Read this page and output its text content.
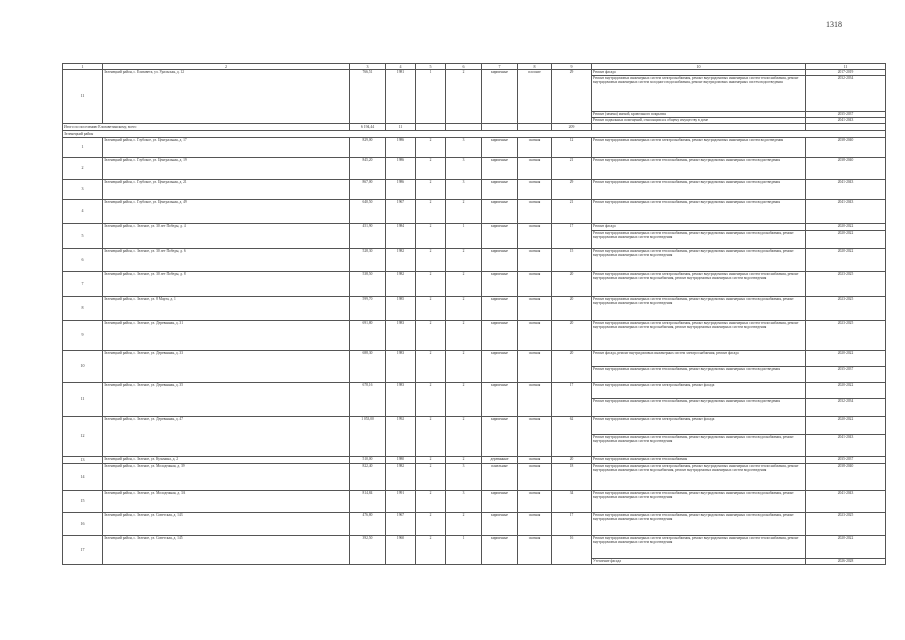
1318
1	2	3	4	5	6	7	8	9	10	11
11	Зеленецкий район, с. Елизавета, ул. Уральская, д. 12	766,51	1981	1	2	кирпичные	плоские	29	Ремонт фасада	2017-2019
									Ремонт внутридомовых инженерных систем электроснабжения, ремонт внутридомовых инженерных систем теплоснабжения, ремонт внутридомовых инженерных систем холодного водоснабжения, ремонт внутридомовых инженерных систем водоотведения	2032-2034
									Ремонт (замена) мягкой, кровельного покрытия	2035-2037
									Ремонт подвальных помещений, относящихся к общему имуществу в доме	2041-2043
Итого по поселению Елизаветинскому, всего		6 194,44	11					209		
Зеленецкий район										
1	Зеленецкий район, с. Глубокое, ул. Центральная, д. 17	829,00	1986	2	3	кирпичные	скатная	12	Ремонт внутридомовых инженерных систем электроснабжения, ремонт внутридомовых инженерных систем водоотведения	2038-2040
2	Зеленецкий район, с. Глубокое, ул. Центральная, д. 19	845,20	1986	2	3	кирпичные	скатная	21	Ремонт внутридомовых инженерных систем теплоснабжения, ремонт внутридомовых инженерных систем водоотведения	2038-2040
3	Зеленецкий район, с. Глубокое, ул. Центральная, д. 21	867,00	1986	2	3	кирпичные	скатная	29	Ремонт внутридомовых инженерных систем теплоснабжения, ремонт внутридомовых инженерных систем водоотведения	2041-2043
4	Зеленецкий район, с. Глубокое, ул. Центральная, д. 49	640,50	1967	2	2	кирпичные	скатная	21	Ремонт внутридомовых инженерных систем теплоснабжения, ремонт внутридомовых инженерных систем водоотведения	2041-2043
5	Зеленецкий район, с. Зеленое, ул. 30 лет Победы, д. 4	451,90	1984	2	1	кирпичные	скатная	17	Ремонт фасада	2020-2022
									Ремонт внутридомовых инженерных систем теплоснабжения, ремонт внутридомовых инженерных систем водоснабжения, ремонт внутридомовых инженерных систем водоотведения	2020-2022
6	Зеленецкий район, с. Зеленое, ул. 30 лет Победы, д. 6	528,30	1982	2	2	кирпичные	скатная	15	Ремонт внутридомовых инженерных систем теплоснабжения, ремонт внутридомовых инженерных систем водоснабжения, ремонт внутридомовых инженерных систем водоотведения	2020-2022
7	Зеленецкий район, с. Зеленое, ул. 30 лет Победы, д. 8	538,50	1982	2	2	кирпичные	скатная	20	Ремонт внутридомовых инженерных систем электроснабжения, ремонт внутридомовых инженерных систем теплоснабжения, ремонт внутридомовых инженерных систем водоснабжения, ремонт внутридомовых инженерных систем водоотведения	2023-2025
8	Зеленецкий район, с. Зеленое, ул. 8 Марта, д. 1	599,70	1985	2	2	кирпичные	скатная	20	Ремонт внутридомовых инженерных систем теплоснабжения, ремонт внутридомовых инженерных систем водоснабжения, ремонт внутридомовых инженерных систем водоотведения	2023-2025
9	Зеленецкий район, с. Зеленое, ул. Деревянная, д. 31	691,80	1983	2	2	кирпичные	скатная	20	Ремонт внутридомовых инженерных систем электроснабжения, ремонт внутридомовых инженерных систем теплоснабжения, ремонт внутридомовых инженерных систем водоснабжения, ремонт внутридомовых инженерных систем водоотведения	2023-2025
10	Зеленецкий район, с. Зеленое, ул. Деревянная, д. 33	688,30	1983	2	2	кирпичные	скатная	20	Ремонт фасада, ремонт внутридомовых инженерных систем электроснабжения, ремонт фасада	2020-2022
									Ремонт внутридомовых инженерных систем теплоснабжения, ремонт внутридомовых инженерных систем водоотведения	2035-2037
11	Зеленецкий район, с. Зеленое, ул. Деревянная, д. 35	678,16	1983	2	2	кирпичные	скатная	17	Ремонт внутридомовых инженерных систем электроснабжения, ремонт фасада	2020-2022
									Ремонт внутридомовых инженерных систем теплоснабжения, ремонт внутридомовых инженерных систем водоотведения	2032-2034
12	Зеленецкий район, с. Зеленое, ул. Деревянная, д. 47	1 053,00	1992	2	2	кирпичные	скатная	62	Ремонт внутридомовых инженерных систем электроснабжения, ремонт фасада	2020-2022
									Ремонт внутридомовых инженерных систем теплоснабжения, ремонт внутридомовых инженерных систем водоснабжения, ремонт внутридомовых инженерных систем водоотведения	2041-2043
13	Зеленецкий район, с. Зеленое, ул. Кузьмина, д. 2	510,00	1980	2	2	деревянные	скатная	20	Ремонт внутридомовых инженерных систем теплоснабжения	2035-2037
14	Зеленецкий район, с. Зеленое, ул. Молодежная, д. 39	822,40	1982	2	3	панельные	скатная	18	Ремонт внутридомовых инженерных систем электроснабжения, ремонт внутридомовых инженерных систем теплоснабжения, ремонт внутридомовых инженерных систем водоснабжения, ремонт внутридомовых инженерных систем водоотведения	2038-2040
15	Зеленецкий район, с. Зеленое, ул. Молодежная, д. 3А	814,84	1991	2	3	кирпичные	скатная	34	Ремонт внутридомовых инженерных систем теплоснабжения, ремонт внутридомовых инженерных систем водоснабжения, ремонт внутридомовых инженерных систем водоотведения	2041-2043
16	Зеленецкий район, с. Зеленое, ул. Советская, д. 143	476,80	1967	2	2	кирпичные	скатная	17	Ремонт внутридомовых инженерных систем теплоснабжения, ремонт внутридомовых инженерных систем водоснабжения, ремонт внутридомовых инженерных систем водоотведения	2023-2025
17	Зеленецкий район, с. Зеленое, ул. Советская, д. 145	392,50	1960	2	1	кирпичные	скатная	16	Ремонт внутридомовых инженерных систем электроснабжения, ремонт внутридомовых инженерных систем теплоснабжения, ремонт внутридомовых инженерных систем водоотведения	2020-2022
									Утепление фасада	2026-2028
